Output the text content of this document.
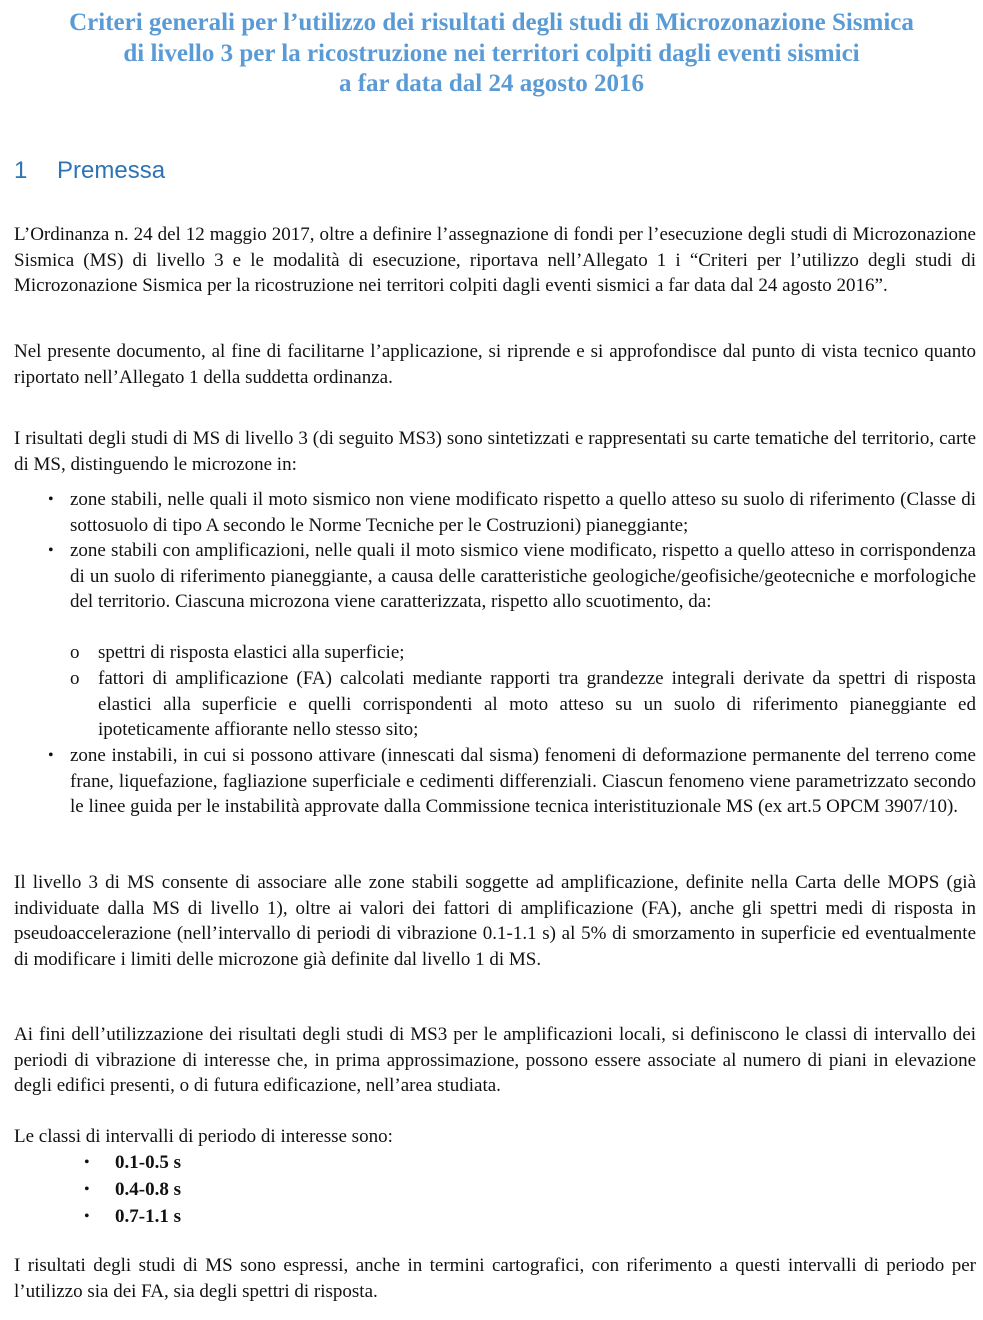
Criteri generali per l’utilizzo dei risultati degli studi di Microzonazione Sismica
di livello 3 per la ricostruzione nei territori colpiti dagli eventi sismici
a far data dal 24 agosto 2016
1 Premessa

L’Ordinanza n. 24 del 12 maggio 2017, oltre a definire l’assegnazione di fondi per l’esecuzione degli studi di Microzonazione Sismica (MS) di livello 3 e le modalità di esecuzione, riportava nell’Allegato 1 i “Criteri per l’utilizzo degli studi di Microzonazione Sismica per la ricostruzione nei territori colpiti dagli eventi sismici a far data dal 24 agosto 2016”.

Nel presente documento, al fine di facilitarne l’applicazione, si riprende e si approfondisce dal punto di vista tecnico quanto riportato nell’Allegato 1 della suddetta ordinanza.

I risultati degli studi di MS di livello 3 (di seguito MS3) sono sintetizzati e rappresentati su carte tematiche del territorio, carte di MS, distinguendo le microzone in:

• zone stabili, nelle quali il moto sismico non viene modificato rispetto a quello atteso su suolo di riferimento (Classe di sottosuolo di tipo A secondo le Norme Tecniche per le Costruzioni) pianeggiante;

• zone stabili con amplificazioni, nelle quali il moto sismico viene modificato, rispetto a quello atteso in corrispondenza di un suolo di riferimento pianeggiante, a causa delle caratteristiche geologiche/geofisiche/geotecniche e morfologiche del territorio. Ciascuna microzona viene caratterizzata, rispetto allo scuotimento, da:

o spettri di risposta elastici alla superficie;

o fattori di amplificazione (FA) calcolati mediante rapporti tra grandezze integrali derivate da spettri di risposta elastici alla superficie e quelli corrispondenti al moto atteso su un suolo di riferimento pianeggiante ed ipoteticamente affiorante nello stesso sito;

• zone instabili, in cui si possono attivare (innescati dal sisma) fenomeni di deformazione permanente del terreno come frane, liquefazione, fagliazione superficiale e cedimenti differenziali. Ciascun fenomeno viene parametrizzato secondo le linee guida per le instabilità approvate dalla Commissione tecnica interistituzionale MS (ex art.5 OPCM 3907/10).

Il livello 3 di MS consente di associare alle zone stabili soggette ad amplificazione, definite nella Carta delle MOPS (già individuate dalla MS di livello 1), oltre ai valori dei fattori di amplificazione (FA), anche gli spettri medi di risposta in pseudoaccelerazione (nell’intervallo di periodi di vibrazione 0.1-1.1 s) al 5% di smorzamento in superficie ed eventualmente di modificare i limiti delle microzone già definite dal livello 1 di MS.

Ai fini dell’utilizzazione dei risultati degli studi di MS3 per le amplificazioni locali, si definiscono le classi di intervallo dei periodi di vibrazione di interesse che, in prima approssimazione, possono essere associate al numero di piani in elevazione degli edifici presenti, o di futura edificazione, nell’area studiata.

Le classi di intervalli di periodo di interesse sono:

• 0.1-0.5 s
• 0.4-0.8 s
• 0.7-1.1 s

I risultati degli studi di MS sono espressi, anche in termini cartografici, con riferimento a questi intervalli di periodo per l’utilizzo sia dei FA, sia degli spettri di risposta.
